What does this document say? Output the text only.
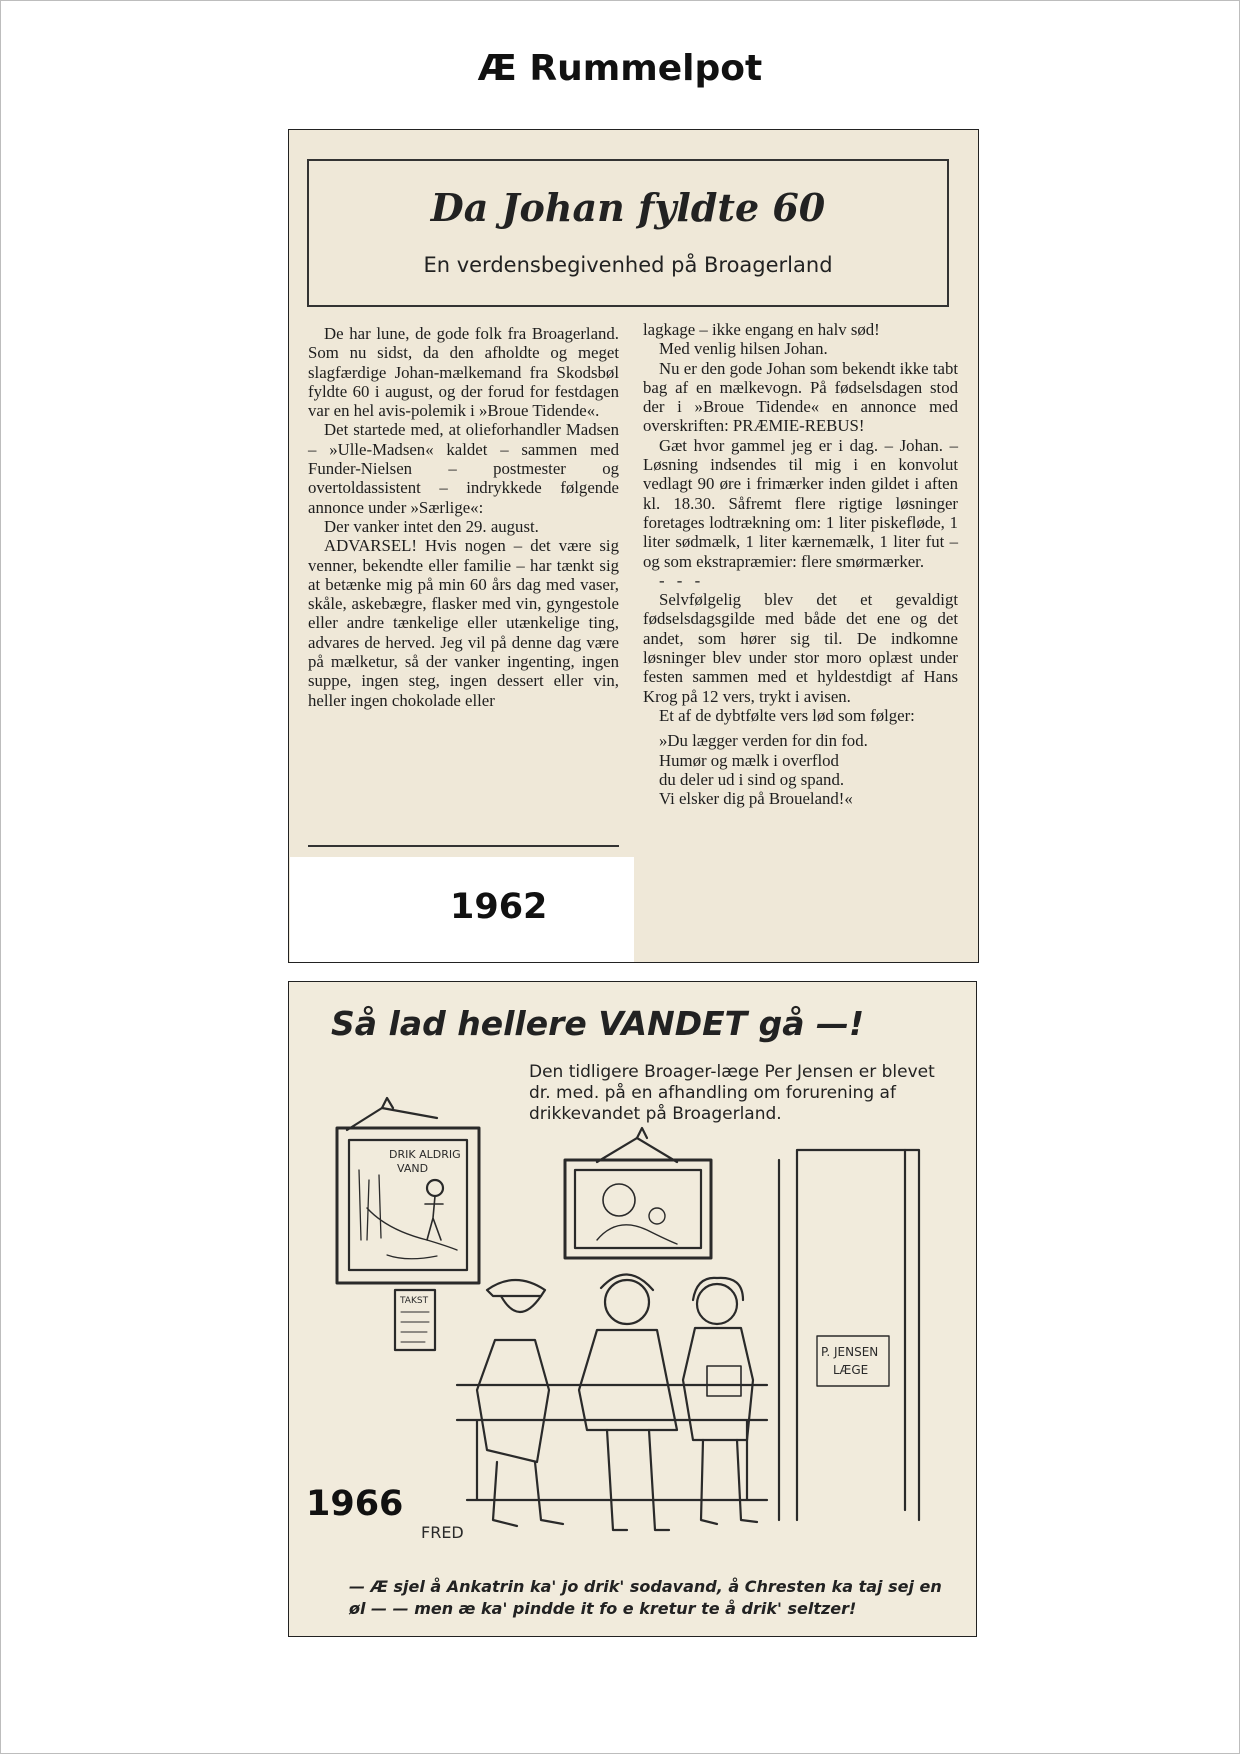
Æ Rummelpot
Da Johan fyldte 60
En verdensbegivenhed på Broagerland

De har lune, de gode folk fra Broagerland. Som nu sidst, da den afholdte og meget slagfærdige Johan-mælkemand fra Skodsbøl fyldte 60 i august, og der forud for festdagen var en hel avis-polemik i »Broue Tidende«.

Det startede med, at olieforhandler Madsen – »Ulle-Madsen« kaldet – sammen med Funder-Nielsen – postmester og overtoldassistent – indrykkede følgende annonce under »Særlige«:

Der vanker intet den 29. august.

ADVARSEL! Hvis nogen – det være sig venner, bekendte eller familie – har tænkt sig at betænke mig på min 60 års dag med vaser, skåle, askebægre, flasker med vin, gyngestole eller andre tænkelige eller utænkelige ting, advares de herved. Jeg vil på denne dag være på mælketur, så der vanker ingenting, ingen suppe, ingen steg, ingen dessert eller vin, heller ingen chokolade eller

lagkage – ikke engang en halv sød!

Med venlig hilsen Johan.

Nu er den gode Johan som bekendt ikke tabt bag af en mælkevogn. På fødselsdagen stod der i »Broue Tidende« en annonce med overskriften: PRÆMIE-REBUS!

Gæt hvor gammel jeg er i dag. – Johan. – Løsning indsendes til mig i en konvolut vedlagt 90 øre i frimærker inden gildet i aften kl. 18.30. Såfremt flere rigtige løsninger foretages lodtrækning om: 1 liter piskefløde, 1 liter sødmælk, 1 liter kærnemælk, 1 liter fut – og som ekstrapræmier: flere smørmærker.

- - -

Selvfølgelig blev det et gevaldigt fødselsdagsgilde med både det ene og det andet, som hører sig til. De indkomne løsninger blev under stor moro oplæst under festen sammen med et hyldestdigt af Hans Krog på 12 vers, trykt i avisen.

Et af de dybtfølte vers lød som følger:

»Du lægger verden for din fod.

Humør og mælk i overflod

du deler ud i sind og spand.

Vi elsker dig på Broueland!«

1962
Så lad hellere VANDET gå —!
Den tidligere Broager-læge Per Jensen er blevet dr. med. på en afhandling om forurening af drikkevandet på Broagerland.
DRIK ALDRIG
VAND
TAKST
P. JENSEN
LÆGE
FRED
1966
— Æ sjel å Ankatrin ka' jo drik' sodavand, å Chresten ka taj sej en øl — — men æ ka' pindde it fo e kretur te å drik' seltzer!
